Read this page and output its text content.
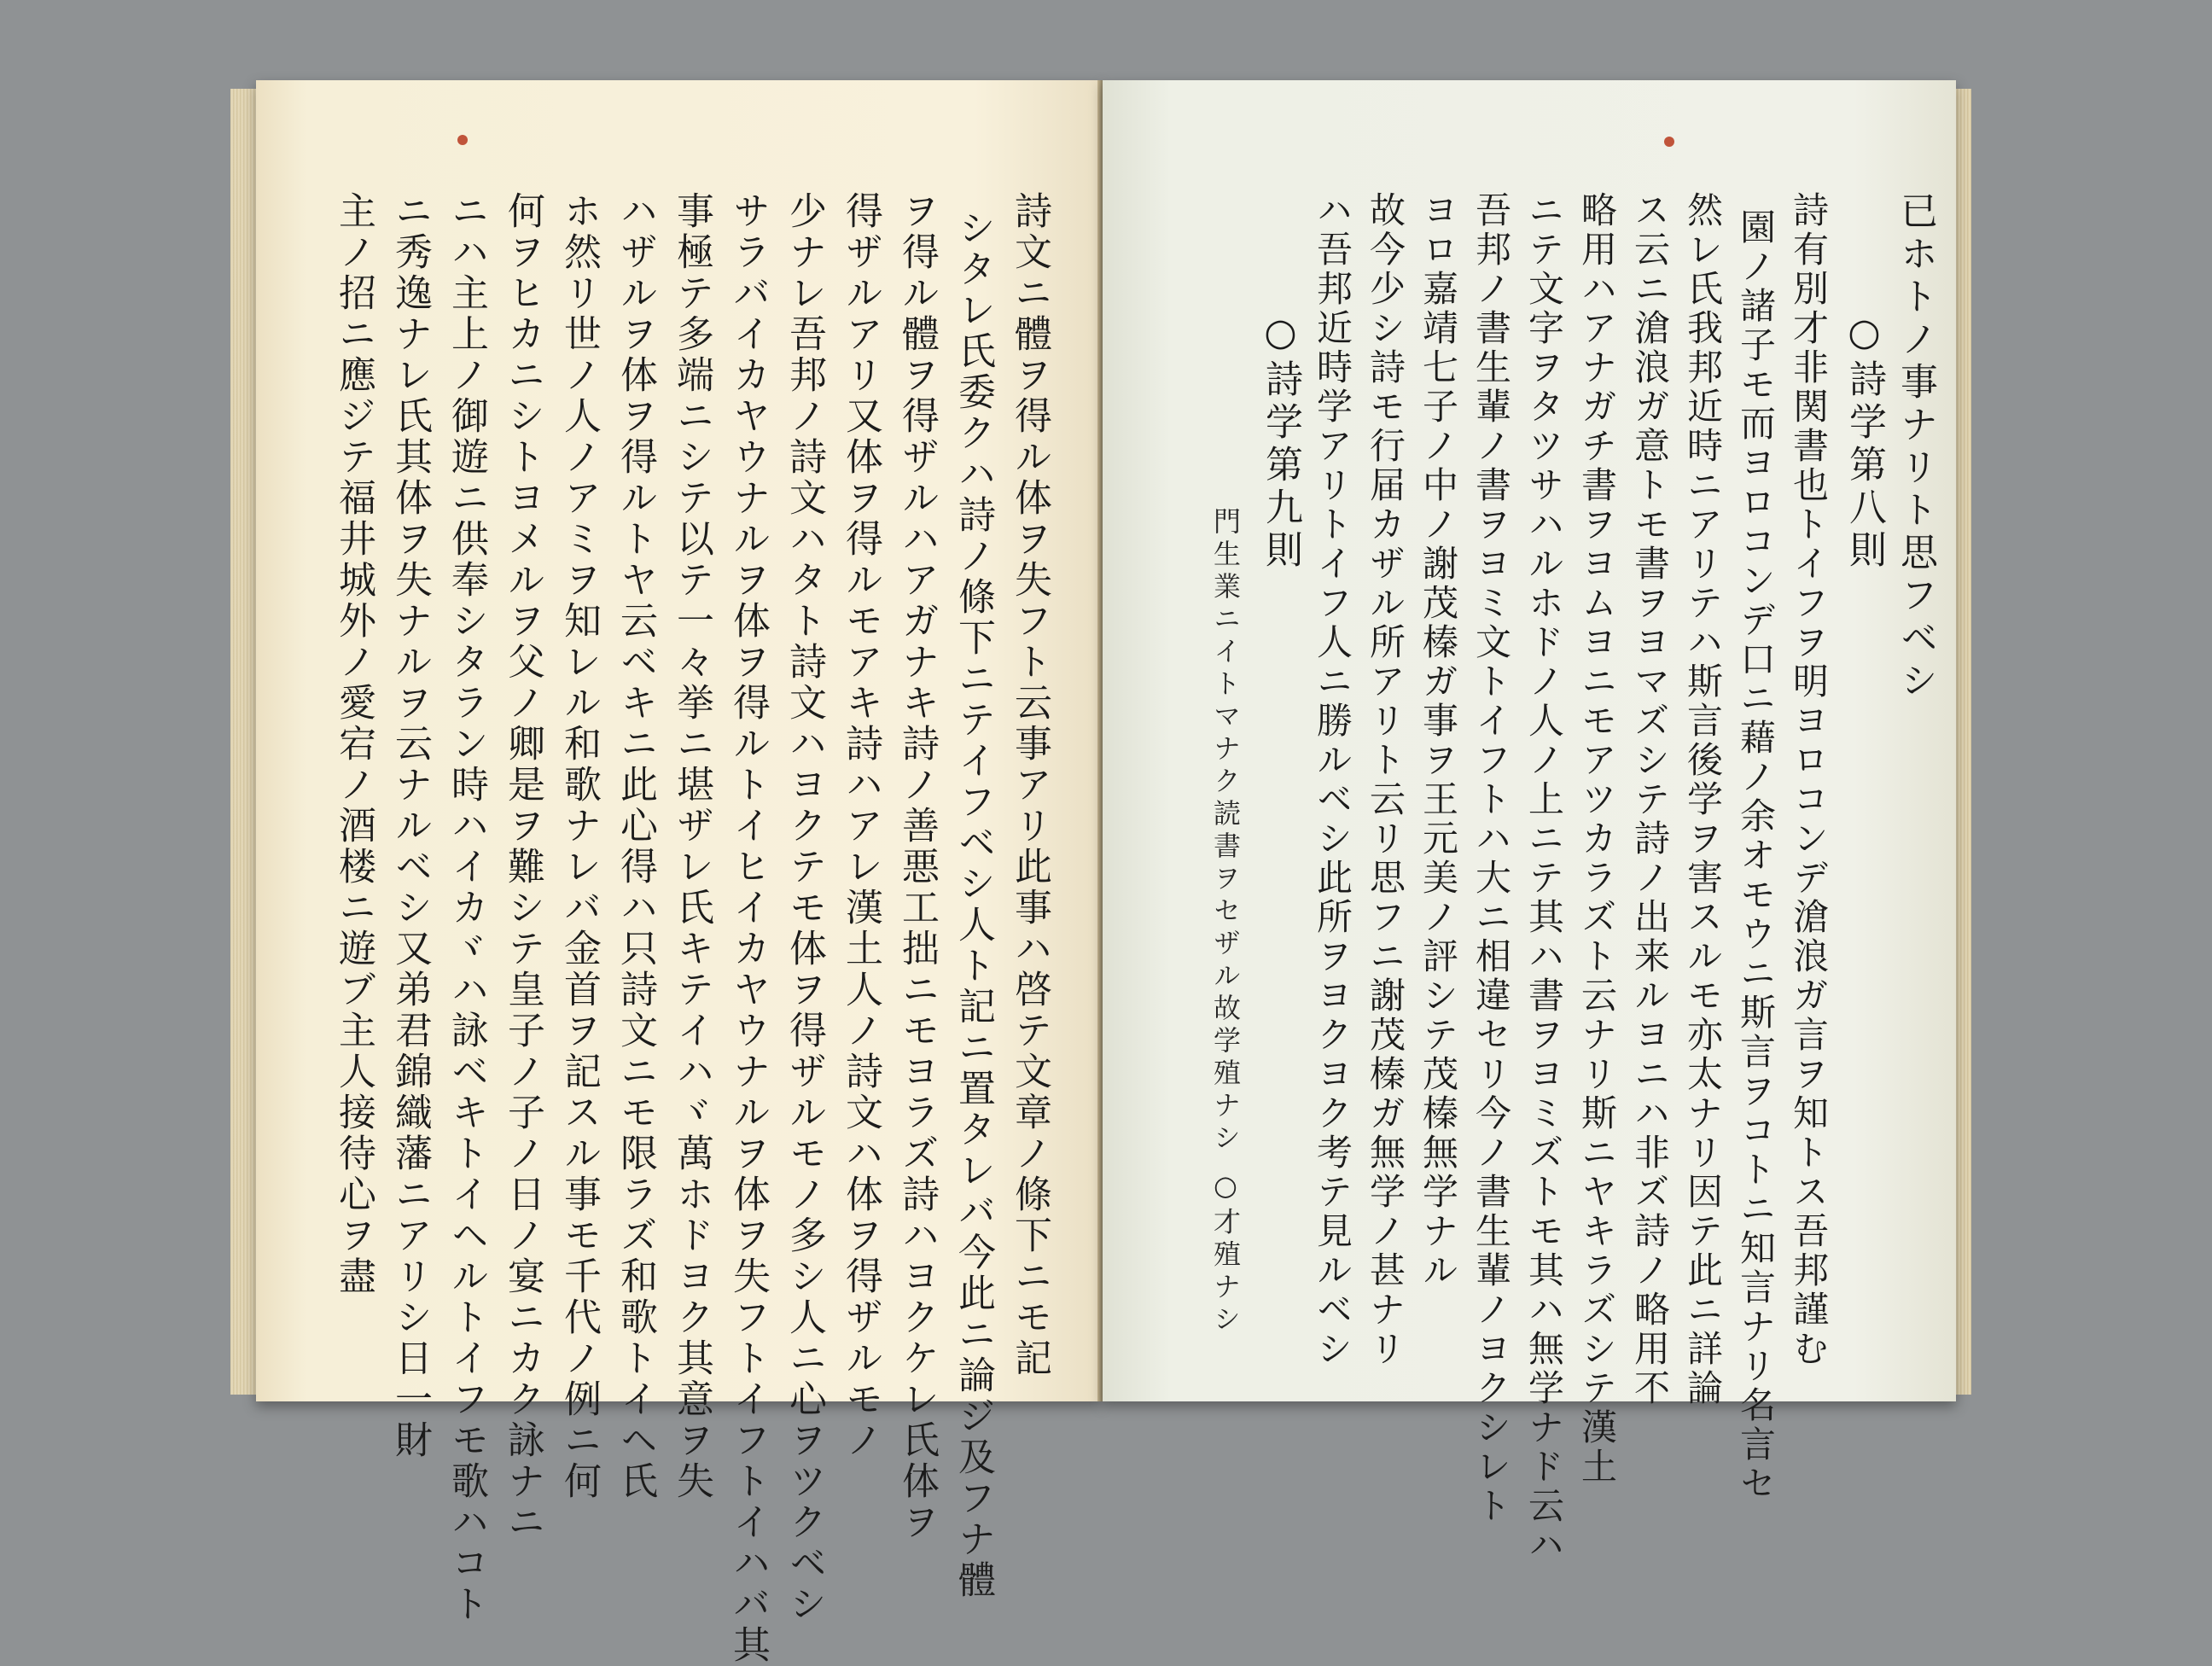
詩文ニ體ヲ得ル体ヲ失フト云事アリ此事ハ啓テ文章ノ條下ニモ記
シタレ氏委クハ詩ノ條下ニテイフベシ人ト記ニ置タレバ今此ニ論ジ及フナ體
ヲ得ル體ヲ得ザルハアガナキ詩ノ善悪工拙ニモヨラズ詩ハヨクケレ氏体ヲ
得ザルアリ又体ヲ得ルモアキ詩ハアレ漢土人ノ詩文ハ体ヲ得ザルモノ
少ナレ吾邦ノ詩文ハタト詩文ハヨクテモ体ヲ得ザルモノ多シ人ニ心ヲツクベシ
サラバイカヤウナルヲ体ヲ得ルトイヒイカヤウナルヲ体ヲ失フトイフトイハバ其
事極テ多端ニシテ以テ一々挙ニ堪ザレ氏キテイハヾ萬ホドヨク其意ヲ失
ハザルヲ体ヲ得ルトヤ云ベキニ此心得ハ只詩文ニモ限ラズ和歌トイヘ氏
ホ然リ世ノ人ノアミヲ知レル和歌ナレバ金首ヲ記スル事モ千代ノ例ニ何
何ヲヒカニシトヨメルヲ父ノ卿是ヲ難シテ皇子ノ子ノ日ノ宴ニカク詠ナニ
ニハ主上ノ御遊ニ供奉シタラン時ハイカヾハ詠ベキトイヘルトイフモ歌ハコト
ニ秀逸ナレ氏其体ヲ失ナルヲ云ナルベシ又弟君錦織藩ニアリシ日一財
主ノ招ニ應ジテ福井城外ノ愛宕ノ酒楼ニ遊ブ主人接待心ヲ盡	已ホトノ事ナリト思フベシ
○詩学第八則
詩有別才非関書也トイフヲ明ヨロコンデ滄浪ガ言ヲ知トス吾邦謹む
園ノ諸子モ而ヨロコンデ口ニ藉ノ余オモウニ斯言ヲコトニ知言ナリ名言セ
然レ氏我邦近時ニアリテハ斯言後学ヲ害スルモ亦太ナリ因テ此ニ詳論
ス云ニ滄浪ガ意トモ書ヲヨマズシテ詩ノ出来ルヨニハ非ズ詩ノ略用不
略用ハアナガチ書ヲヨムヨニモアツカラズト云ナリ斯ニヤキラズシテ漢土
ニテ文字ヲタツサハルホドノ人ノ上ニテ其ハ書ヲヨミズトモ其ハ無学ナド云ハ
吾邦ノ書生輩ノ書ヲヨミ文トイフトハ大ニ相違セリ今ノ書生輩ノヨクシレト
ヨロ嘉靖七子ノ中ノ謝茂榛ガ事ヲ王元美ノ評シテ茂榛無学ナル
故今少シ詩モ行届カザル所アリト云リ思フニ謝茂榛ガ無学ノ甚ナリ
ハ吾邦近時学アリトイフ人ニ勝ルベシ此所ヲヨクヨク考テ見ルベシ
○詩学第九則
門生業ニイトマナク読書ヲセザル故学殖ナシ ○才殖ナシ
